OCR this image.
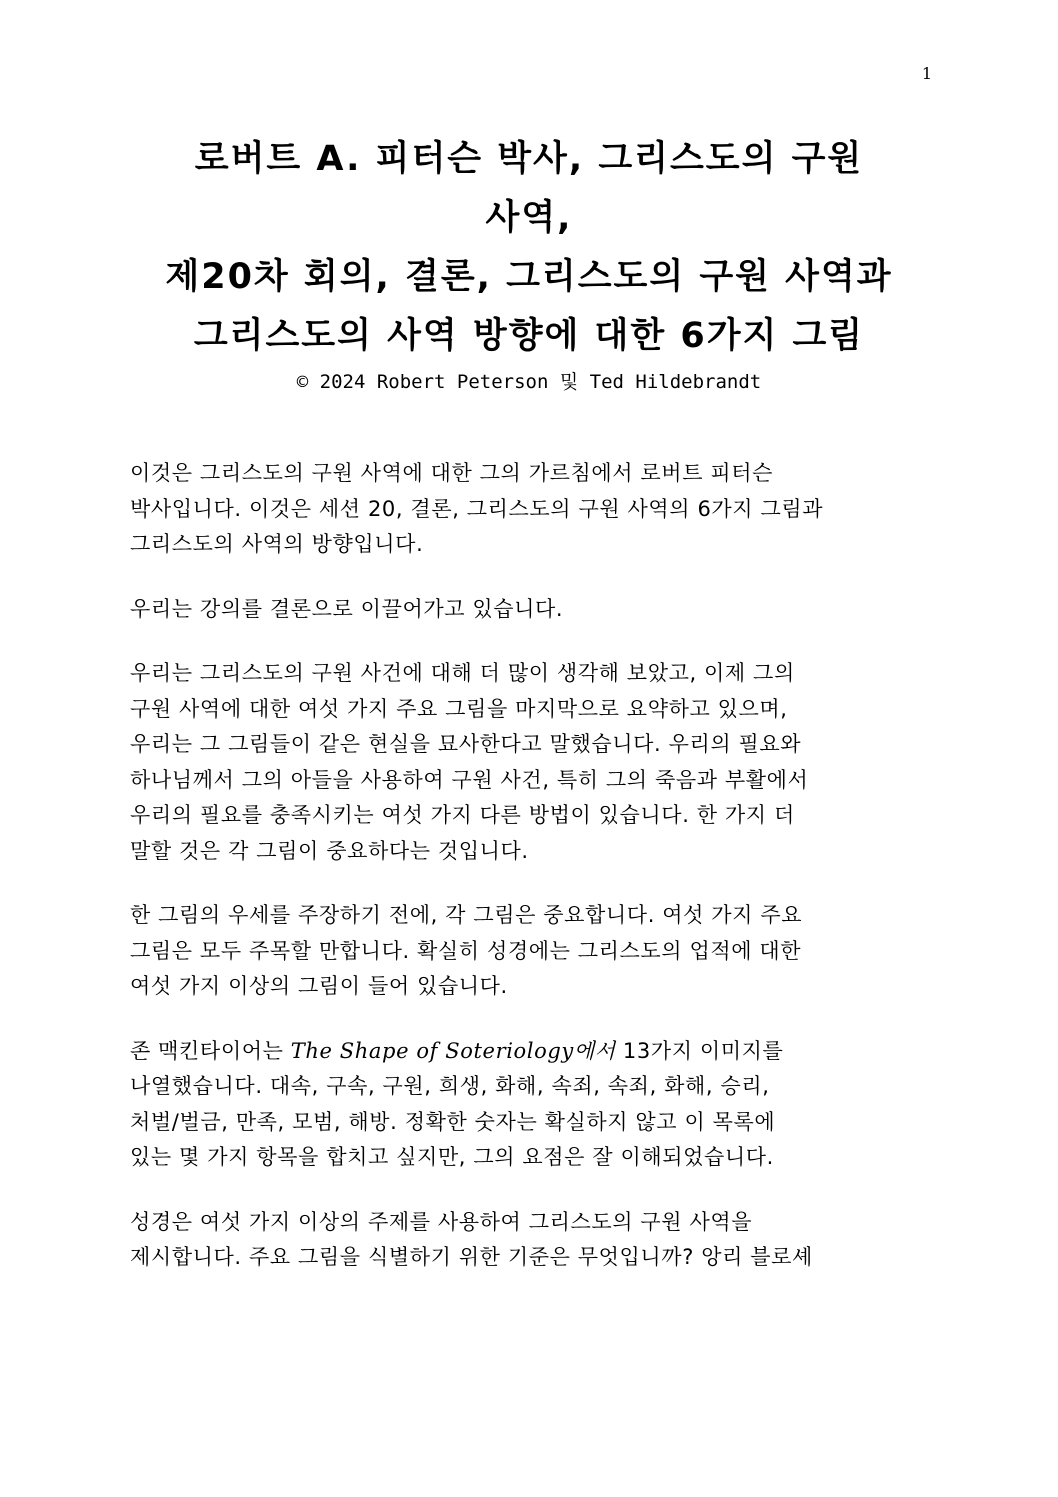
1
로버트 A. 피터슨 박사, 그리스도의 구원
사역,
제20차 회의, 결론, 그리스도의 구원 사역과
그리스도의 사역 방향에 대한 6가지 그림
© 2024 Robert Peterson 및 Ted Hildebrandt

이것은 그리스도의 구원 사역에 대한 그의 가르침에서 로버트 피터슨
박사입니다. 이것은 세션 20, 결론, 그리스도의 구원 사역의 6가지 그림과
그리스도의 사역의 방향입니다.

우리는 강의를 결론으로 이끌어가고 있습니다.

우리는 그리스도의 구원 사건에 대해 더 많이 생각해 보았고, 이제 그의
구원 사역에 대한 여섯 가지 주요 그림을 마지막으로 요약하고 있으며,
우리는 그 그림들이 같은 현실을 묘사한다고 말했습니다. 우리의 필요와
하나님께서 그의 아들을 사용하여 구원 사건, 특히 그의 죽음과 부활에서
우리의 필요를 충족시키는 여섯 가지 다른 방법이 있습니다. 한 가지 더
말할 것은 각 그림이 중요하다는 것입니다.

한 그림의 우세를 주장하기 전에, 각 그림은 중요합니다. 여섯 가지 주요
그림은 모두 주목할 만합니다. 확실히 성경에는 그리스도의 업적에 대한
여섯 가지 이상의 그림이 들어 있습니다.

존 맥킨타이어는 The Shape of Soteriology에서 13가지 이미지를
나열했습니다. 대속, 구속, 구원, 희생, 화해, 속죄, 속죄, 화해, 승리,
처벌/벌금, 만족, 모범, 해방. 정확한 숫자는 확실하지 않고 이 목록에
있는 몇 가지 항목을 합치고 싶지만, 그의 요점은 잘 이해되었습니다.

성경은 여섯 가지 이상의 주제를 사용하여 그리스도의 구원 사역을
제시합니다. 주요 그림을 식별하기 위한 기준은 무엇입니까? 앙리 블로셰
